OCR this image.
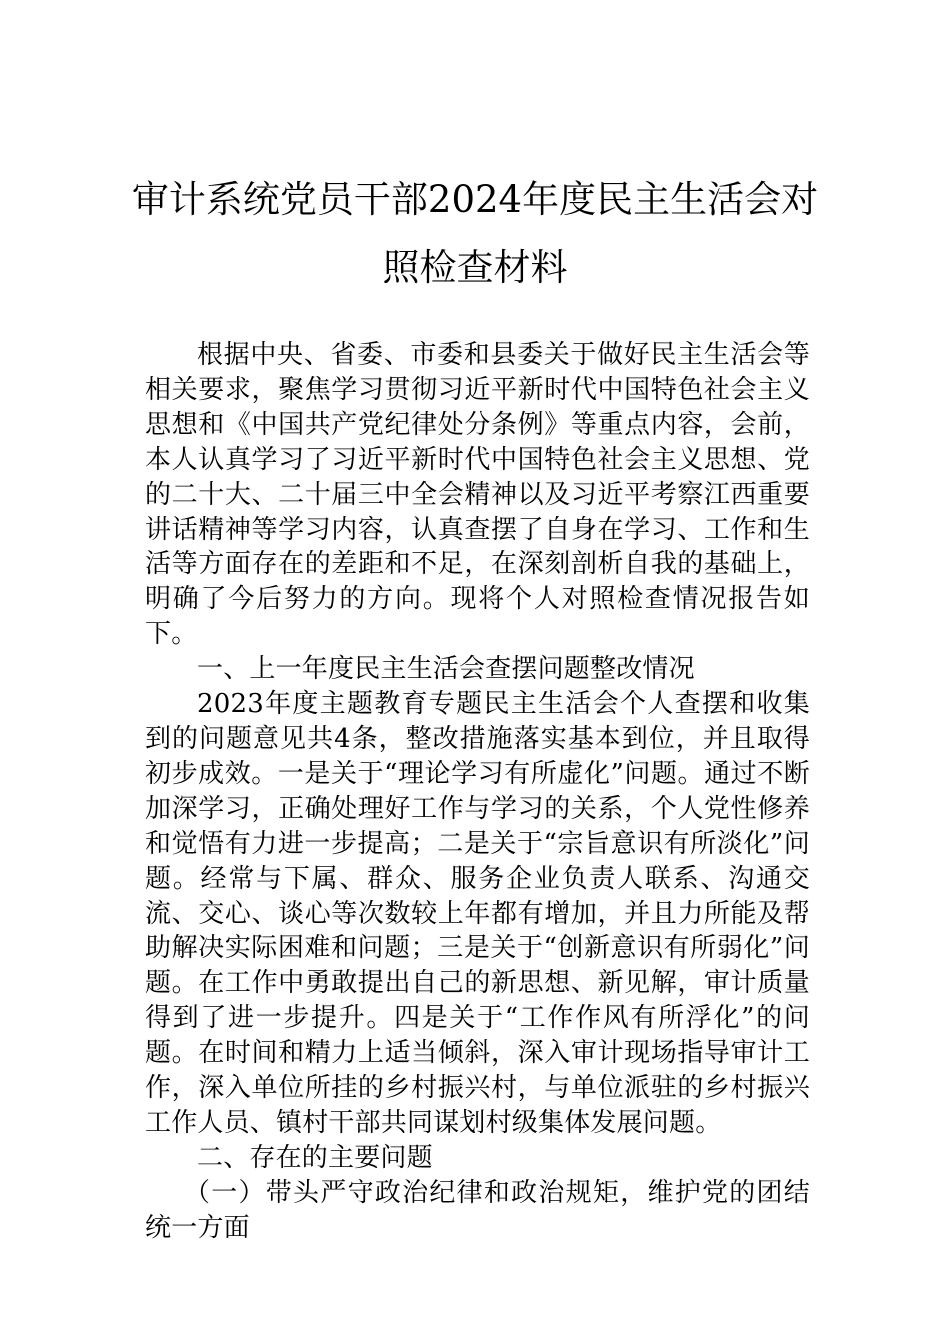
审计系统党员干部2024年度民主生活会对
照检查材料

根据中央、省委、市委和县委关于做好民主生活会等相关要求，聚焦学习贯彻习近平新时代中国特色社会主义思想和《中国共产党纪律处分条例》等重点内容，会前，本人认真学习了习近平新时代中国特色社会主义思想、党的二十大、二十届三中全会精神以及习近平考察江西重要讲话精神等学习内容，认真查摆了自身在学习、工作和生活等方面存在的差距和不足，在深刻剖析自我的基础上，明确了今后努力的方向。现将个人对照检查情况报告如下。

一、上一年度民主生活会查摆问题整改情况

2023年度主题教育专题民主生活会个人查摆和收集到的问题意见共4条，整改措施落实基本到位，并且取得初步成效。一是关于“理论学习有所虚化”问题。通过不断加深学习，正确处理好工作与学习的关系，个人党性修养和觉悟有力进一步提高；二是关于“宗旨意识有所淡化”问题。经常与下属、群众、服务企业负责人联系、沟通交流、交心、谈心等次数较上年都有增加，并且力所能及帮助解决实际困难和问题；三是关于“创新意识有所弱化”问题。在工作中勇敢提出自己的新思想、新见解，审计质量得到了进一步提升。四是关于“工作作风有所浮化”的问题。在时间和精力上适当倾斜，深入审计现场指导审计工作，深入单位所挂的乡村振兴村，与单位派驻的乡村振兴工作人员、镇村干部共同谋划村级集体发展问题。

二、存在的主要问题

（一）带头严守政治纪律和政治规矩，维护党的团结统一方面
